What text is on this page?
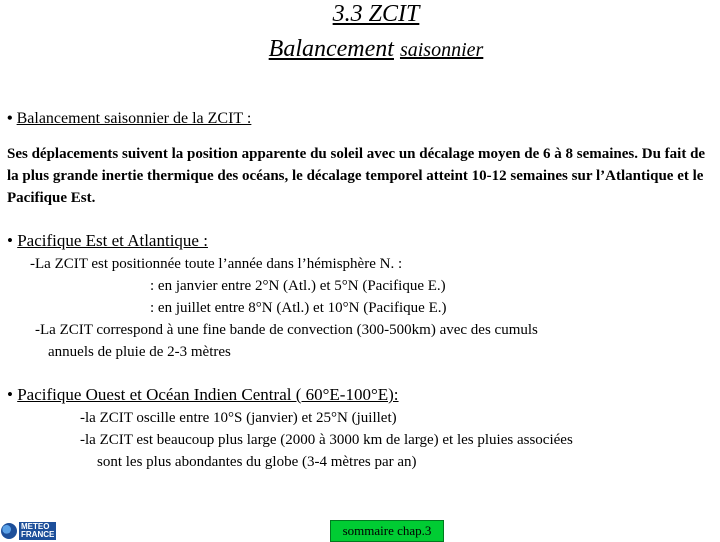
3.3 ZCIT
Balancement saisonnier
• Balancement saisonnier de la ZCIT :
Ses déplacements suivent la position apparente du soleil avec un décalage moyen de 6 à 8 semaines. Du fait de la plus grande inertie thermique des océans, le décalage temporel atteint 10-12 semaines sur l’Atlantique et le Pacifique Est.
• Pacifique Est et Atlantique :
-La ZCIT est positionnée toute l’année dans l’hémisphère N. :
: en janvier entre 2°N (Atl.) et 5°N (Pacifique E.)
: en juillet entre 8°N (Atl.) et 10°N (Pacifique E.)
-La ZCIT correspond à une fine bande de convection (300-500km) avec des cumuls
annuels de pluie de 2-3 mètres
• Pacifique Ouest et Océan Indien Central ( 60°E-100°E):
-la ZCIT oscille entre 10°S (janvier) et 25°N (juillet)
-la ZCIT est beaucoup plus large (2000 à 3000 km de large) et les pluies associées
sont les plus abondantes du globe (3-4 mètres par an)
METEO
FRANCE	sommaire chap.3
